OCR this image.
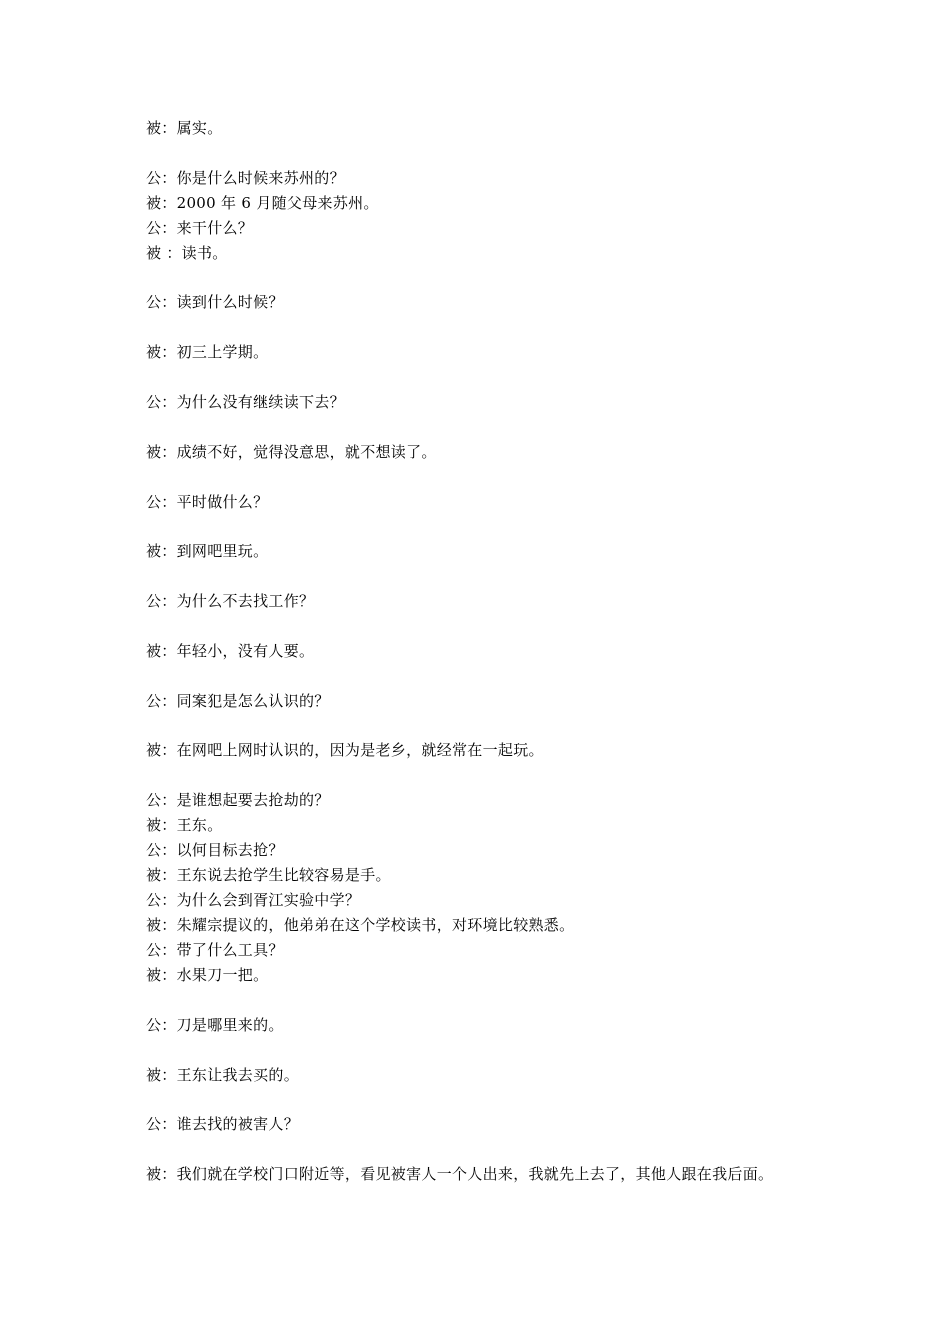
被：属实。
公：你是什么时候来苏州的？
被：2000 年 6 月随父母来苏州。
公：来干什么？
被 ：读书。
公：读到什么时候？
被：初三上学期。
公：为什么没有继续读下去？
被：成绩不好，觉得没意思，就不想读了。
公：平时做什么？
被：到网吧里玩。
公：为什么不去找工作？
被：年轻小，没有人要。
公：同案犯是怎么认识的？
被：在网吧上网时认识的，因为是老乡，就经常在一起玩。
公：是谁想起要去抢劫的？
被：王东。
公：以何目标去抢？
被：王东说去抢学生比较容易是手。
公：为什么会到胥江实验中学？
被：朱耀宗提议的，他弟弟在这个学校读书，对环境比较熟悉。
公：带了什么工具？
被：水果刀一把。
公：刀是哪里来的。
被：王东让我去买的。
公：谁去找的被害人？
被：我们就在学校门口附近等，看见被害人一个人出来，我就先上去了，其他人跟在我后面。
